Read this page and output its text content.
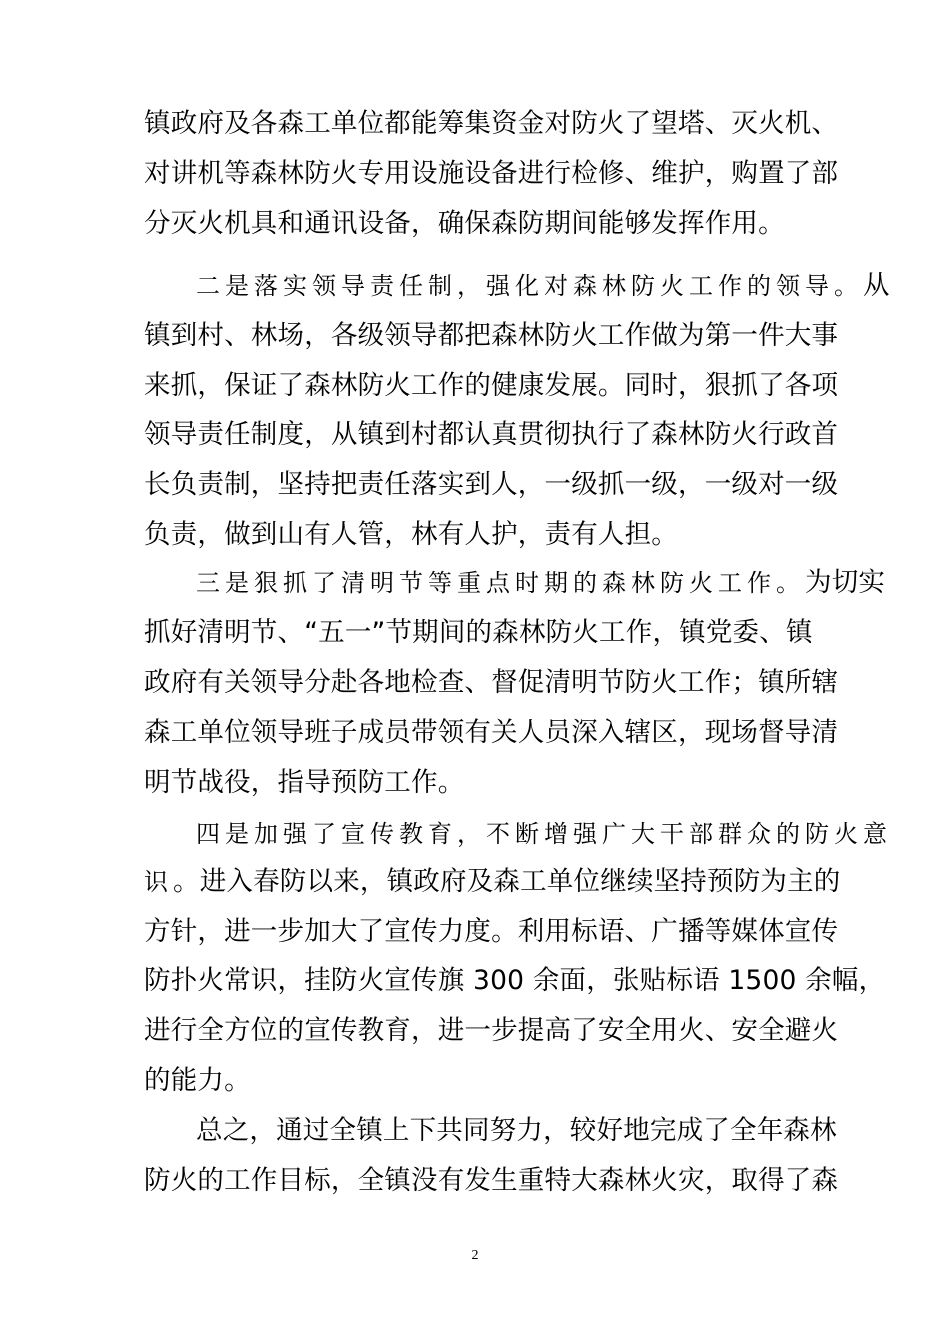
镇政府及各森工单位都能筹集资金对防火了望塔、灭火机、
对讲机等森林防火专用设施设备进行检修、维护，购置了部
分灭火机具和通讯设备，确保森防期间能够发挥作用。
二是落实领导责任制，强化对森林防火工作的领导。从
镇到村、林场，各级领导都把森林防火工作做为第一件大事
来抓，保证了森林防火工作的健康发展。同时，狠抓了各项
领导责任制度，从镇到村都认真贯彻执行了森林防火行政首
长负责制，坚持把责任落实到人，一级抓一级，一级对一级
负责，做到山有人管，林有人护，责有人担。
三是狠抓了清明节等重点时期的森林防火工作。为切实
抓好清明节、“五一”节期间的森林防火工作，镇党委、镇
政府有关领导分赴各地检查、督促清明节防火工作；镇所辖
森工单位领导班子成员带领有关人员深入辖区，现场督导清
明节战役，指导预防工作。
四是加强了宣传教育，不断增强广大干部群众的防火意
识。进入春防以来，镇政府及森工单位继续坚持预防为主的
方针，进一步加大了宣传力度。利用标语、广播等媒体宣传
防扑火常识，挂防火宣传旗 300 余面，张贴标语 1500 余幅，
进行全方位的宣传教育，进一步提高了安全用火、安全避火
的能力。
总之，通过全镇上下共同努力，较好地完成了全年森林
防火的工作目标，全镇没有发生重特大森林火灾，取得了森
2
